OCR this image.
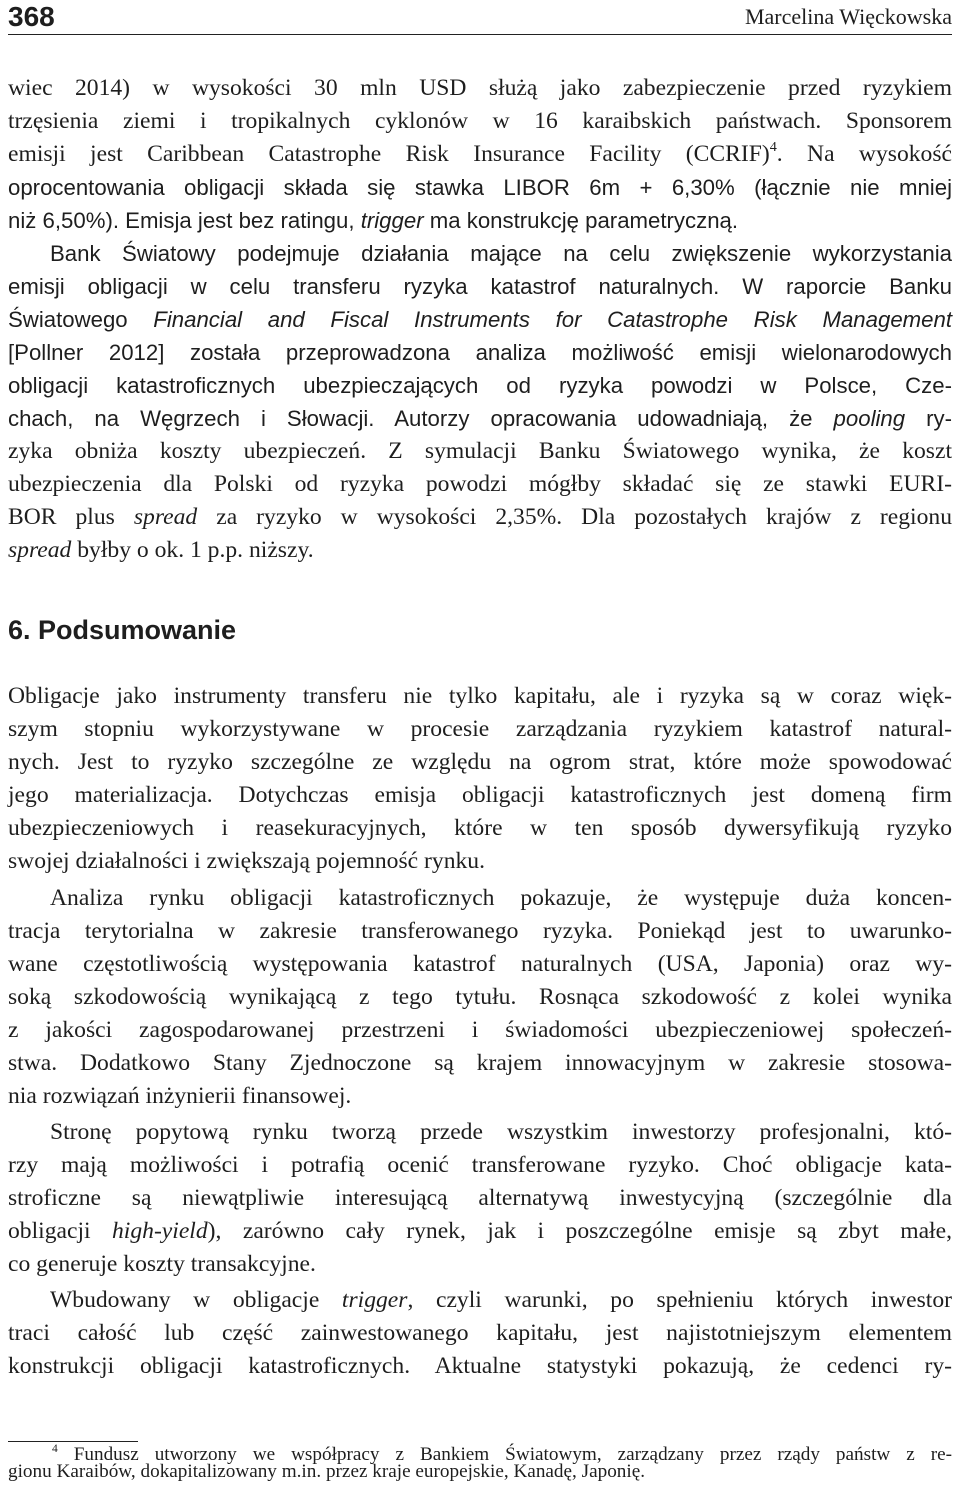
368	Marcelina Więckowska
wiec 2014) w wysokości 30 mln USD służą jako zabezpieczenie przed ryzykiem
trzęsienia ziemi i tropikalnych cyklonów w 16 karaibskich państwach. Sponsorem
emisji jest Caribbean Catastrophe Risk Insurance Facility (CCRIF)$^4$. Na wysokość
oprocentowania obligacji składa się stawka LIBOR 6m + 6,30% (łącznie nie mniej
niż 6,50%). Emisja jest bez ratingu, trigger ma konstrukcję parametryczną.
Bank Światowy podejmuje działania mające na celu zwiększenie wykorzystania
emisji obligacji w celu transferu ryzyka katastrof naturalnych. W raporcie Banku
Światowego Financial and Fiscal Instruments for Catastrophe Risk Management
[Pollner 2012] została przeprowadzona analiza możliwość emisji wielonarodowych
obligacji katastroficznych ubezpieczających od ryzyka powodzi w Polsce, Cze-
chach, na Węgrzech i Słowacji. Autorzy opracowania udowadniają, że pooling ry-
zyka obniża koszty ubezpieczeń. Z symulacji Banku Światowego wynika, że koszt
ubezpieczenia dla Polski od ryzyka powodzi mógłby składać się ze stawki EURI-
BOR plus spread za ryzyko w wysokości 2,35%. Dla pozostałych krajów z regionu
spread byłby o ok. 1 p.p. niższy.
6. Podsumowanie
Obligacje jako instrumenty transferu nie tylko kapitału, ale i ryzyka są w coraz więk-
szym stopniu wykorzystywane w procesie zarządzania ryzykiem katastrof natural-
nych. Jest to ryzyko szczególne ze względu na ogrom strat, które może spowodować
jego materializacja. Dotychczas emisja obligacji katastroficznych jest domeną firm
ubezpieczeniowych i reasekuracyjnych, które w ten sposób dywersyfikują ryzyko
swojej działalności i zwiększają pojemność rynku.
Analiza rynku obligacji katastroficznych pokazuje, że występuje duża koncen-
tracja terytorialna w zakresie transferowanego ryzyka. Poniekąd jest to uwarunko-
wane częstotliwością występowania katastrof naturalnych (USA, Japonia) oraz wy-
soką szkodowością wynikającą z tego tytułu. Rosnąca szkodowość z kolei wynika
z jakości zagospodarowanej przestrzeni i świadomości ubezpieczeniowej społeczeń-
stwa. Dodatkowo Stany Zjednoczone są krajem innowacyjnym w zakresie stosowa-
nia rozwiązań inżynierii finansowej.
Stronę popytową rynku tworzą przede wszystkim inwestorzy profesjonalni, któ-
rzy mają możliwości i potrafią ocenić transferowane ryzyko. Choć obligacje kata-
stroficzne są niewątpliwie interesującą alternatywą inwestycyjną (szczególnie dla
obligacji high-yield), zarówno cały rynek, jak i poszczególne emisje są zbyt małe,
co generuje koszty transakcyjne.
Wbudowany w obligacje trigger, czyli warunki, po spełnieniu których inwestor
traci całość lub część zainwestowanego kapitału, jest najistotniejszym elementem
konstrukcji obligacji katastroficznych. Aktualne statystyki pokazują, że cedenci ry-
$^4$ Fundusz utworzony we współpracy z Bankiem Światowym, zarządzany przez rządy państw z re-
gionu Karaibów, dokapitalizowany m.in. przez kraje europejskie, Kanadę, Japonię.
